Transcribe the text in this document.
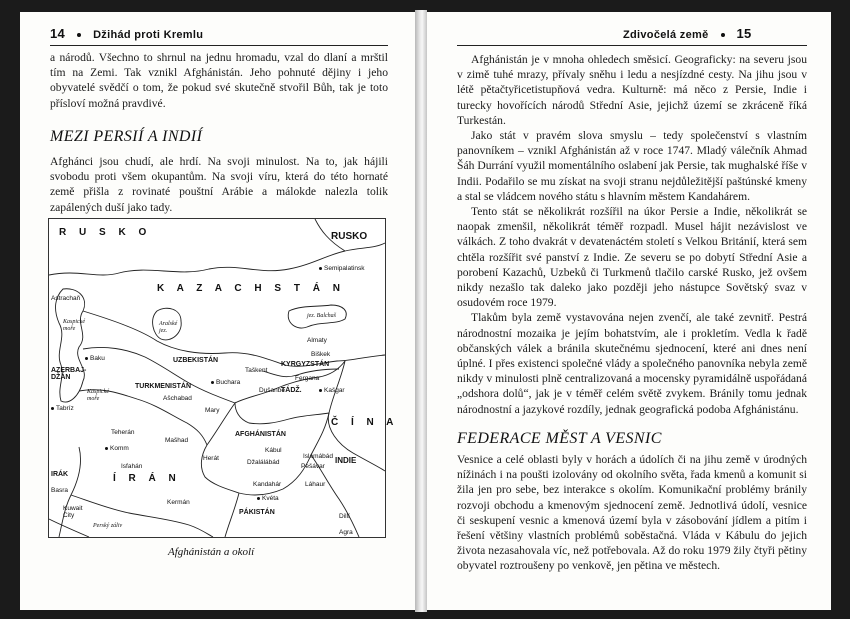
14	Džihád proti Kremlu

a národů. Všechno to shrnul na jednu hromadu, vzal do dlaní a mrštil tím na Zemi. Tak vznikl Afghánistán. Jeho pohnuté dějiny i jeho obyvatelé svědčí o tom, že pokud své skutečně stvořil Bůh, tak je toto přísloví možná pravdivé.

MEZI PERSIÍ A INDIÍ

Afghánci jsou chudí, ale hrdí. Na svoji minulost. Na to, jak hájili svobodu proti všem okupantům. Na svoji víru, která do této hornaté země přišla z rovinaté pouštní Arábie a málokde nalezla tolik zapálených duší jako tady.

R U S K O	RUSKO
K A Z A C H S T Á N
UZBEKISTÁN
TURKMENISTÁN
KYRGYZSTÁN
TÁDŽ.
Č Í N A
AFGHÁNISTÁN
Í R Á N
INDIE
PÁKISTÁN
AZERBAJ-DŽÁN
IRÁK
Kaspické moře
Kaspické moře
Aralské jez.
jez. Balchaš
Perský záliv
Semipalatinsk
Astrachaň
Almaty
Biškek
Taškent
Fergana
Buchara
Dušanbe	Kašgar
Baku
Ašchabad
Mary
Tabríz
Teherán
Komm
Mašhad
Kábul
Herát
Džalálábád
Islámábád
Pešávar
Isfahán
Kandahár	Láhaur
Kvéta
Kermán
Basra
Kuwait City	Dillí
Agra
Afghánistán a okolí
Zdivočelá země 15

Afghánistán je v mnoha ohledech směsicí. Geograficky: na severu jsou v zimě tuhé mrazy, přívaly sněhu i ledu a nesjízdné cesty. Na jihu jsou v létě pětačtyřicetistupňová vedra. Kulturně: má něco z Persie, Indie i turecky hovořících národů Střední Asie, jejichž území se zkráceně říká Turkestán.

Jako stát v pravém slova smyslu – tedy společenství s vlastním panovníkem – vznikl Afghánistán až v roce 1747. Mladý válečník Ahmad Šáh Durrání využil momentálního oslabení jak Persie, tak mughalské říše v Indii. Podařilo se mu získat na svoji stranu nejdůležitější paštúnské kmeny a stal se vládcem nového státu s hlavním městem Kandahárem.

Tento stát se několikrát rozšířil na úkor Persie a Indie, několikrát se naopak zmenšil, několikrát téměř rozpadl. Musel hájit nezávislost ve válkách. Z toho dvakrát v devatenáctém století s Velkou Británií, která sem chtěla rozšířit své panství z Indie. Ze severu se po dobytí Střední Asie a porobení Kazachů, Uzbeků či Turkmenů tlačilo carské Rusko, jež ovšem nikdy nezašlo tak daleko jako později jeho nástupce Sovětský svaz v osudovém roce 1979.

Tlakům byla země vystavována nejen zvenčí, ale také zevnitř. Pestrá národnostní mozaika je jejím bohatstvím, ale i prokletím. Vedla k řadě občanských válek a bránila skutečnému sjednocení, které ani dnes není úplné. I přes existenci společné vlády a společného panovníka nebyla země nikdy v minulosti plně centralizovaná a mocensky pyramidálně uspořádaná „odshora dolů“, jak je v téměř celém světě zvykem. Bránily tomu jednak národnostní a jazykové rozdíly, jednak geografická podoba Afghánistánu.

FEDERACE MĚST A VESNIC

Vesnice a celé oblasti byly v horách a údolích či na jihu země v úrodných nížinách i na poušti izolovány od okolního světa, řada kmenů a komunit si žila jen pro sebe, bez interakce s okolím. Komunikační problémy bránily rozvoji obchodu a kmenovým sjednocení země. Jednotlivá údolí, vesnice či seskupení vesnic a kmenová území byla v zásobování jídlem a pitím i řešení většiny vlastních problémů soběstačná. Vláda v Kábulu do jejich života nezasahovala víc, než potřebovala. Až do roku 1979 žily čtyři pětiny obyvatel roztroušeny po venkově, jen pětina ve městech.
